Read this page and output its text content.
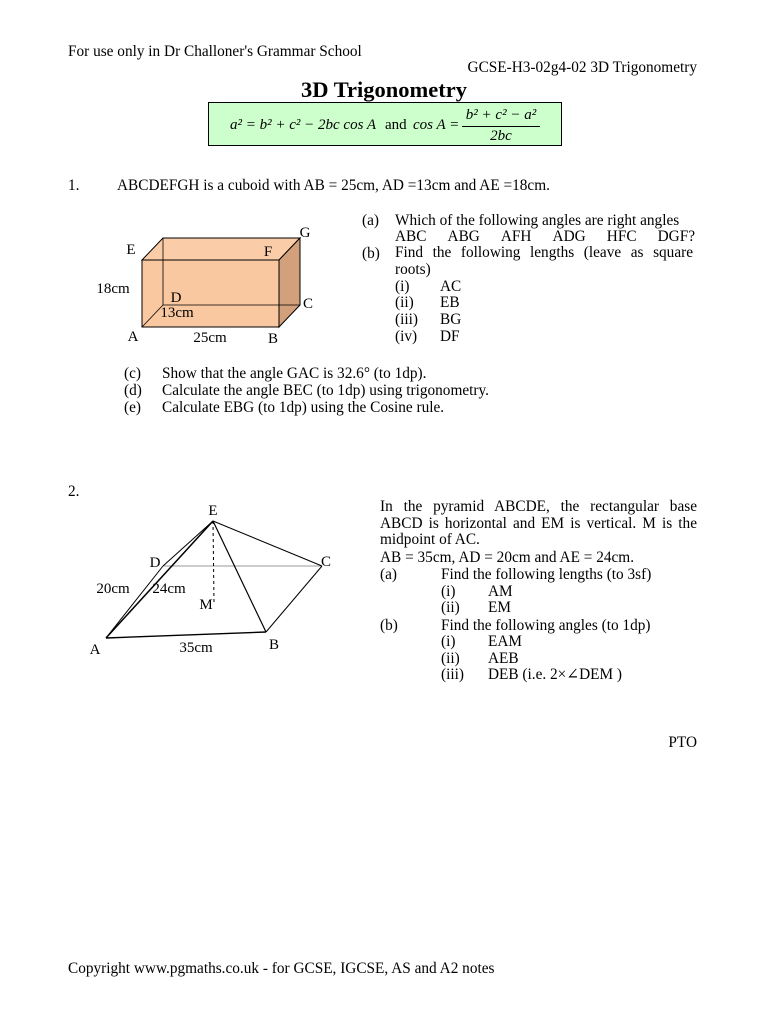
For use only in Dr Challoner's Grammar School
GCSE-H3-02g4-02 3D Trigonometry
3D Trigonometry
a² = b² + c² − 2bc cos A and cos A =
b² + c² − a²
2bc
1. ABCDEFGH is a cuboid with AB = 25cm, AD =13cm and AE =18cm.
E	F
G
18cm
D
13cm
C
A	25cm	B
(a) Which of the following angles are right angles
ABC ABG AFH ADG HFC DGF?
(b) Find the following lengths (leave as square roots)
(i) AC
(ii) EB
(iii) BG
(iv) DF
(c) Show that the angle GAC is 32.6° (to 1dp).
(d) Calculate the angle BEC (to 1dp) using trigonometry.
(e) Calculate EBG (to 1dp) using the Cosine rule.
2.
E
D	C
20cm 24cm
M
A	35cm	B
In the pyramid ABCDE, the rectangular base ABCD is horizontal and EM is vertical. M is the midpoint of AC.
AB = 35cm, AD = 20cm and AE = 24cm.
(a)	Find the following lengths (to 3sf)
(i) AM
(ii) EM
(b)	Find the following angles (to 1dp)
(i) EAM
(ii) AEB
(iii) DEB (i.e. 2×∠DEM )
PTO
Copyright www.pgmaths.co.uk - for GCSE, IGCSE, AS and A2 notes
